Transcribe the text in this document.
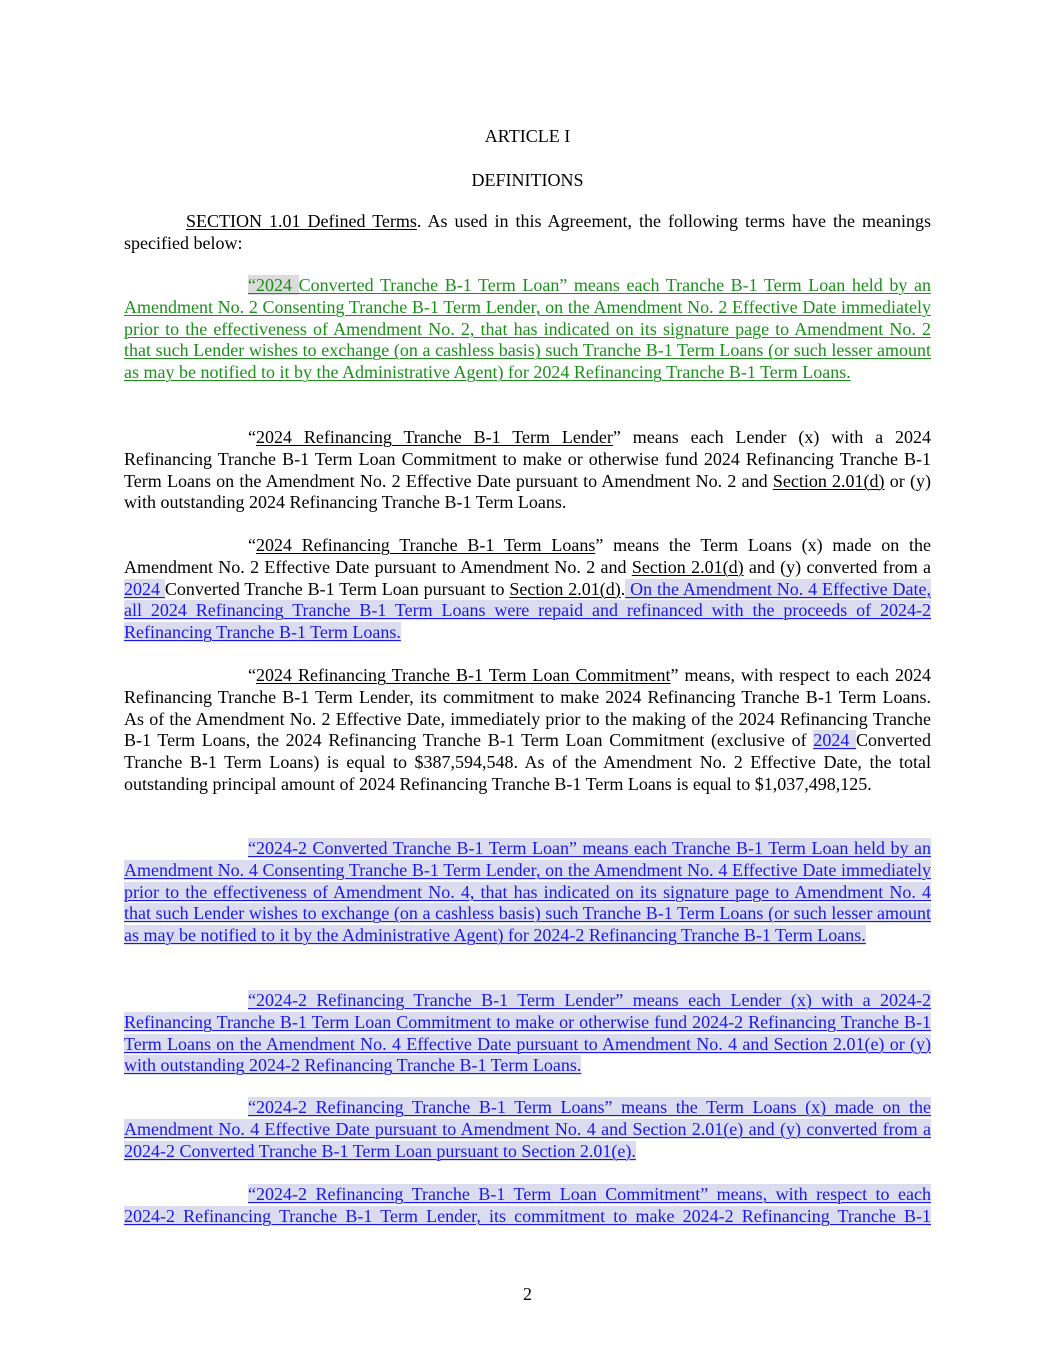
ARTICLE I
DEFINITIONS
SECTION 1.01 Defined Terms. As used in this Agreement, the following terms have the meanings specified below:
“2024 Converted Tranche B-1 Term Loan” means each Tranche B-1 Term Loan held by an Amendment No. 2 Consenting Tranche B-1 Term Lender, on the Amendment No. 2 Effective Date immediately prior to the effectiveness of Amendment No. 2, that has indicated on its signature page to Amendment No. 2 that such Lender wishes to exchange (on a cashless basis) such Tranche B-1 Term Loans (or such lesser amount as may be notified to it by the Administrative Agent) for 2024 Refinancing Tranche B-1 Term Loans.
“2024 Refinancing Tranche B-1 Term Lender” means each Lender (x) with a 2024 Refinancing Tranche B-1 Term Loan Commitment to make or otherwise fund 2024 Refinancing Tranche B-1 Term Loans on the Amendment No. 2 Effective Date pursuant to Amendment No. 2 and Section 2.01(d) or (y) with outstanding 2024 Refinancing Tranche B-1 Term Loans.
“2024 Refinancing Tranche B-1 Term Loans” means the Term Loans (x) made on the Amendment No. 2 Effective Date pursuant to Amendment No. 2 and Section 2.01(d) and (y) converted from a 2024 Converted Tranche B-1 Term Loan pursuant to Section 2.01(d). On the Amendment No. 4 Effective Date, all 2024 Refinancing Tranche B-1 Term Loans were repaid and refinanced with the proceeds of 2024-2 Refinancing Tranche B-1 Term Loans.
“2024 Refinancing Tranche B-1 Term Loan Commitment” means, with respect to each 2024 Refinancing Tranche B-1 Term Lender, its commitment to make 2024 Refinancing Tranche B-1 Term Loans. As of the Amendment No. 2 Effective Date, immediately prior to the making of the 2024 Refinancing Tranche B-1 Term Loans, the 2024 Refinancing Tranche B-1 Term Loan Commitment (exclusive of 2024 Converted Tranche B-1 Term Loans) is equal to $387,594,548. As of the Amendment No. 2 Effective Date, the total outstanding principal amount of 2024 Refinancing Tranche B-1 Term Loans is equal to $1,037,498,125.
“2024-2 Converted Tranche B-1 Term Loan” means each Tranche B-1 Term Loan held by an Amendment No. 4 Consenting Tranche B-1 Term Lender, on the Amendment No. 4 Effective Date immediately prior to the effectiveness of Amendment No. 4, that has indicated on its signature page to Amendment No. 4 that such Lender wishes to exchange (on a cashless basis) such Tranche B-1 Term Loans (or such lesser amount as may be notified to it by the Administrative Agent) for 2024-2 Refinancing Tranche B-1 Term Loans.
“2024-2 Refinancing Tranche B-1 Term Lender” means each Lender (x) with a 2024-2 Refinancing Tranche B-1 Term Loan Commitment to make or otherwise fund 2024-2 Refinancing Tranche B-1 Term Loans on the Amendment No. 4 Effective Date pursuant to Amendment No. 4 and Section 2.01(e) or (y) with outstanding 2024-2 Refinancing Tranche B-1 Term Loans.
“2024-2 Refinancing Tranche B-1 Term Loans” means the Term Loans (x) made on the Amendment No. 4 Effective Date pursuant to Amendment No. 4 and Section 2.01(e) and (y) converted from a 2024-2 Converted Tranche B-1 Term Loan pursuant to Section 2.01(e).
“2024-2 Refinancing Tranche B-1 Term Loan Commitment” means, with respect to each 2024-2 Refinancing Tranche B-1 Term Lender, its commitment to make 2024-2 Refinancing Tranche B-1
2
